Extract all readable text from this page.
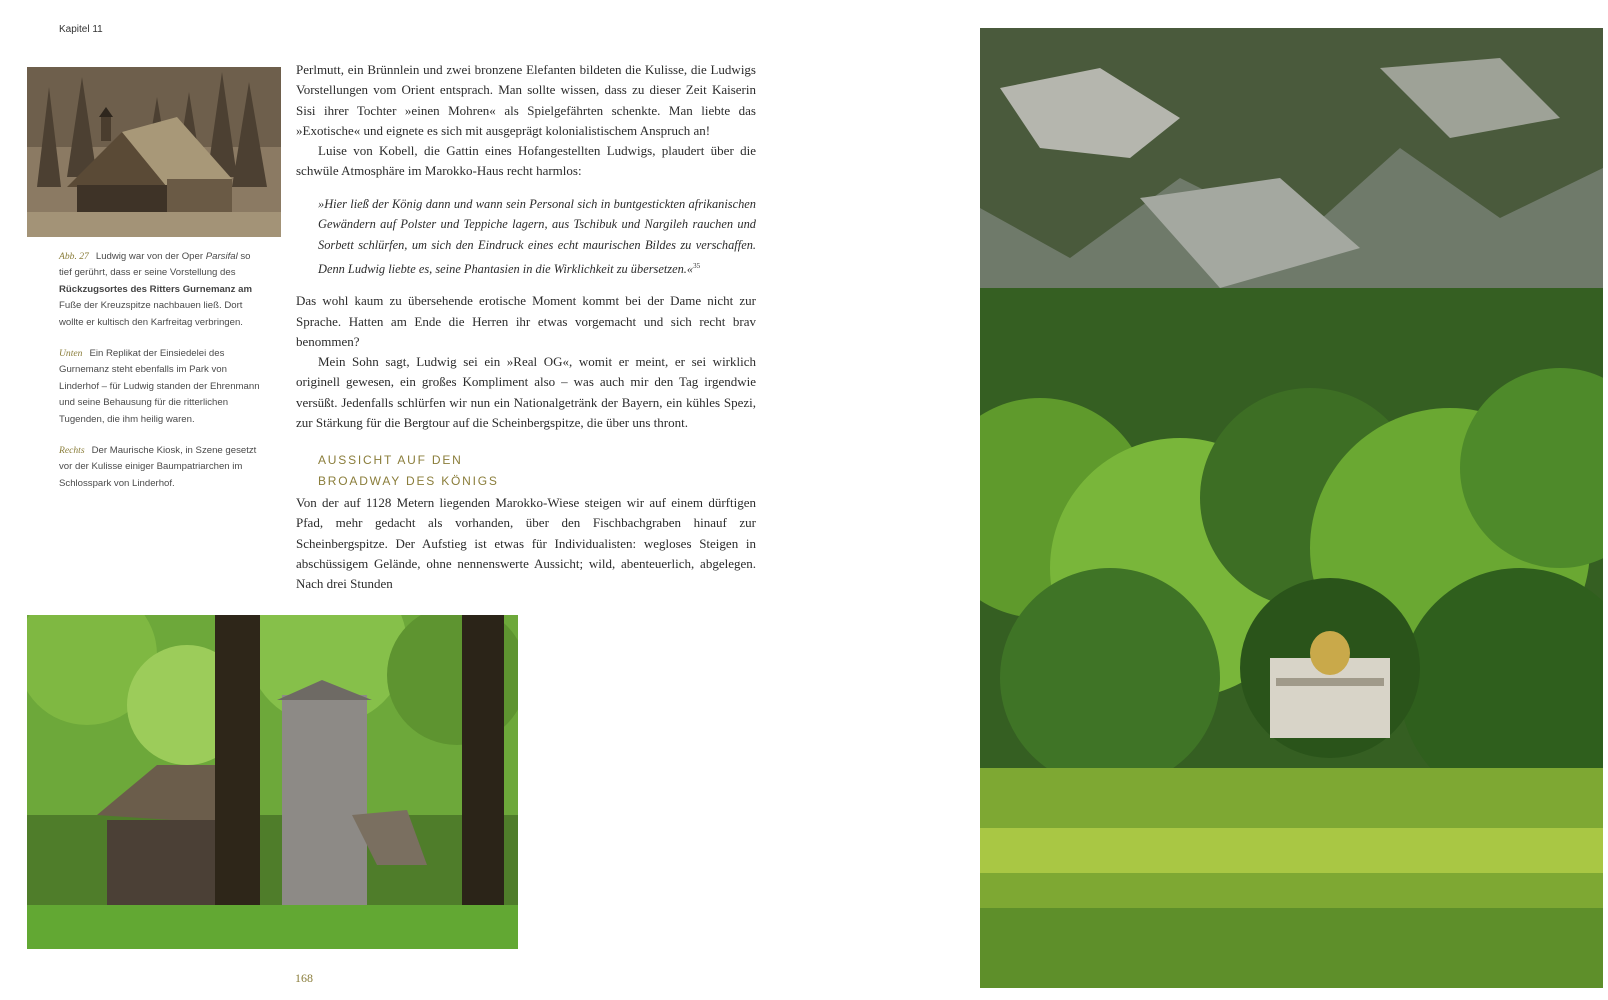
Kapitel 11

Abb. 27 Ludwig war von der Oper Parsifal so tief gerührt, dass er seine Vorstellung des Rückzugsortes des Ritters Gurnemanz am Fuße der Kreuzspitze nachbauen ließ. Dort wollte er kultisch den Karfreitag verbringen.

Unten Ein Replikat der Einsiedelei des Gurnemanz steht ebenfalls im Park von Linderhof – für Ludwig standen der Ehrenmann und seine Behausung für die ritterlichen Tugenden, die ihm heilig waren.

Rechts Der Maurische Kiosk, in Szene gesetzt vor der Kulisse einiger Baumpatriarchen im Schlosspark von Linderhof.

Perlmutt, ein Brünnlein und zwei bronzene Elefanten bildeten die Kulisse, die Ludwigs Vorstellungen vom Orient entsprach. Man sollte wissen, dass zu dieser Zeit Kaiserin Sisi ihrer Tochter »einen Mohren« als Spielgefährten schenkte. Man liebte das »Exotische« und eignete es sich mit ausgeprägt kolonialistischem Anspruch an!

Luise von Kobell, die Gattin eines Hofangestellten Ludwigs, plaudert über die schwüle Atmosphäre im Marokko-Haus recht harmlos:

»Hier ließ der König dann und wann sein Personal sich in buntgestickten afrikanischen Gewändern auf Polster und Teppiche lagern, aus Tschibuk und Nargileh rauchen und Sorbett schlürfen, um sich den Eindruck eines echt maurischen Bildes zu verschaffen. Denn Ludwig liebte es, seine Phantasien in die Wirklichkeit zu übersetzen.«$^{35}$

Das wohl kaum zu übersehende erotische Moment kommt bei der Dame nicht zur Sprache. Hatten am Ende die Herren ihr etwas vorgemacht und sich recht brav benommen?

Mein Sohn sagt, Ludwig sei ein »Real OG«, womit er meint, er sei wirklich originell gewesen, ein großes Kompliment also – was auch mir den Tag irgendwie versüßt. Jedenfalls schlürfen wir nun ein Nationalgetränk der Bayern, ein kühles Spezi, zur Stärkung für die Bergtour auf die Scheinbergspitze, die über uns thront.

AUSSICHT AUF DEN
BROADWAY DES KÖNIGS

Von der auf 1128 Metern liegenden Marokko-Wiese steigen wir auf einem dürftigen Pfad, mehr gedacht als vorhanden, über den Fischbachgraben hinauf zur Scheinbergspitze. Der Aufstieg ist etwas für Individualisten: wegloses Steigen in abschüssigem Gelände, ohne nennenswerte Aussicht; wild, abenteuerlich, abgelegen. Nach drei Stunden

168
